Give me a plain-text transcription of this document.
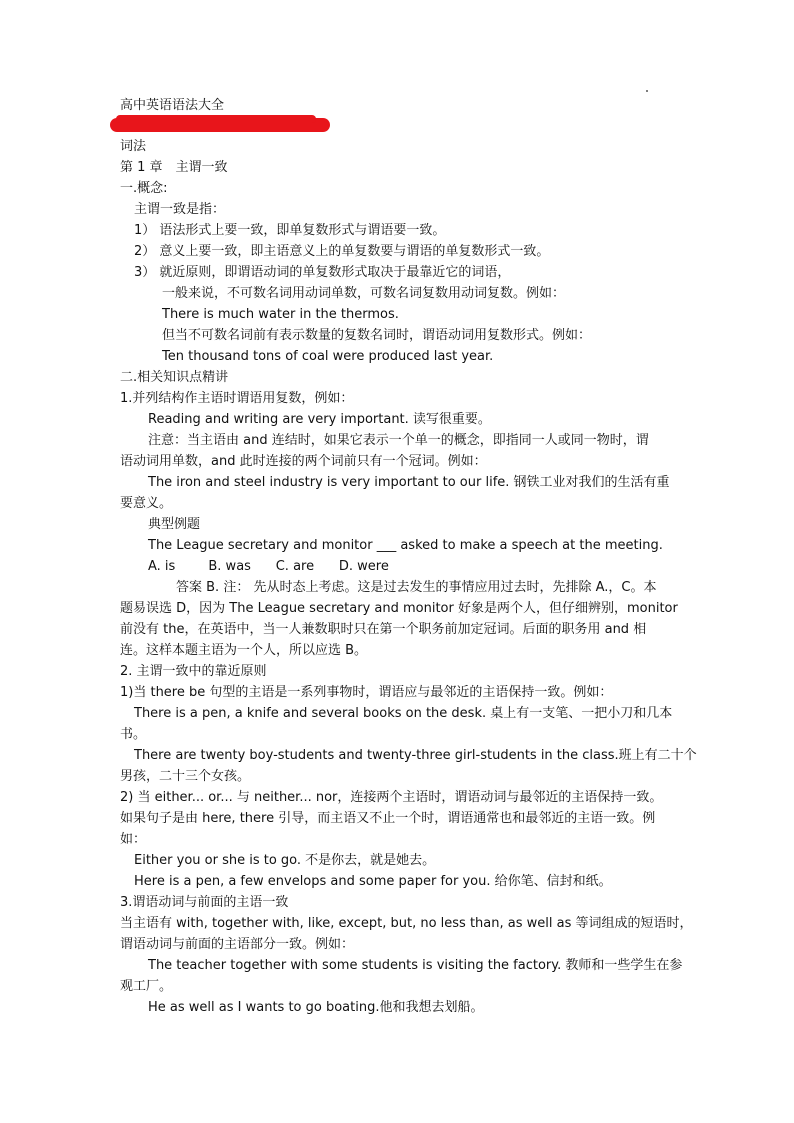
高中英语语法大全
词法
第 1 章　主谓一致
一.概念:
主谓一致是指：
1） 语法形式上要一致，即单复数形式与谓语要一致。
2） 意义上要一致，即主语意义上的单复数要与谓语的单复数形式一致。
3） 就近原则，即谓语动词的单复数形式取决于最靠近它的词语，
一般来说，不可数名词用动词单数，可数名词复数用动词复数。例如：
There is much water in the thermos.
但当不可数名词前有表示数量的复数名词时，谓语动词用复数形式。例如：
Ten thousand tons of coal were produced last year.
二.相关知识点精讲
1.并列结构作主语时谓语用复数，例如：
Reading and writing are very important. 读写很重要。
注意：当主语由 and 连结时，如果它表示一个单一的概念，即指同一人或同一物时，谓
语动词用单数，and 此时连接的两个词前只有一个冠词。例如：
The iron and steel industry is very important to our life. 钢铁工业对我们的生活有重
要意义。
典型例题
The League secretary and monitor ___ asked to make a speech at the meeting.
A. is        B. was      C. are      D. were
答案 B. 注： 先从时态上考虑。这是过去发生的事情应用过去时，先排除 A.，C。本
题易误选 D，因为 The League secretary and monitor 好象是两个人，但仔细辨别，monitor
前没有 the，在英语中，当一人兼数职时只在第一个职务前加定冠词。后面的职务用 and 相
连。这样本题主语为一个人，所以应选 B。
2. 主谓一致中的靠近原则
1)当 there be 句型的主语是一系列事物时，谓语应与最邻近的主语保持一致。例如：
There is a pen, a knife and several books on the desk. 桌上有一支笔、一把小刀和几本
书。
There are twenty boy-students and twenty-three girl-students in the class.班上有二十个
男孩，二十三个女孩。
2) 当 either... or... 与 neither... nor，连接两个主语时，谓语动词与最邻近的主语保持一致。
如果句子是由 here, there 引导，而主语又不止一个时，谓语通常也和最邻近的主语一致。例
如：
Either you or she is to go. 不是你去，就是她去。
Here is a pen, a few envelops and some paper for you. 给你笔、信封和纸。
3.谓语动词与前面的主语一致
当主语有 with, together with, like, except, but, no less than, as well as 等词组成的短语时，
谓语动词与前面的主语部分一致。例如：
The teacher together with some students is visiting the factory. 教师和一些学生在参
观工厂。
He as well as I wants to go boating.他和我想去划船。
